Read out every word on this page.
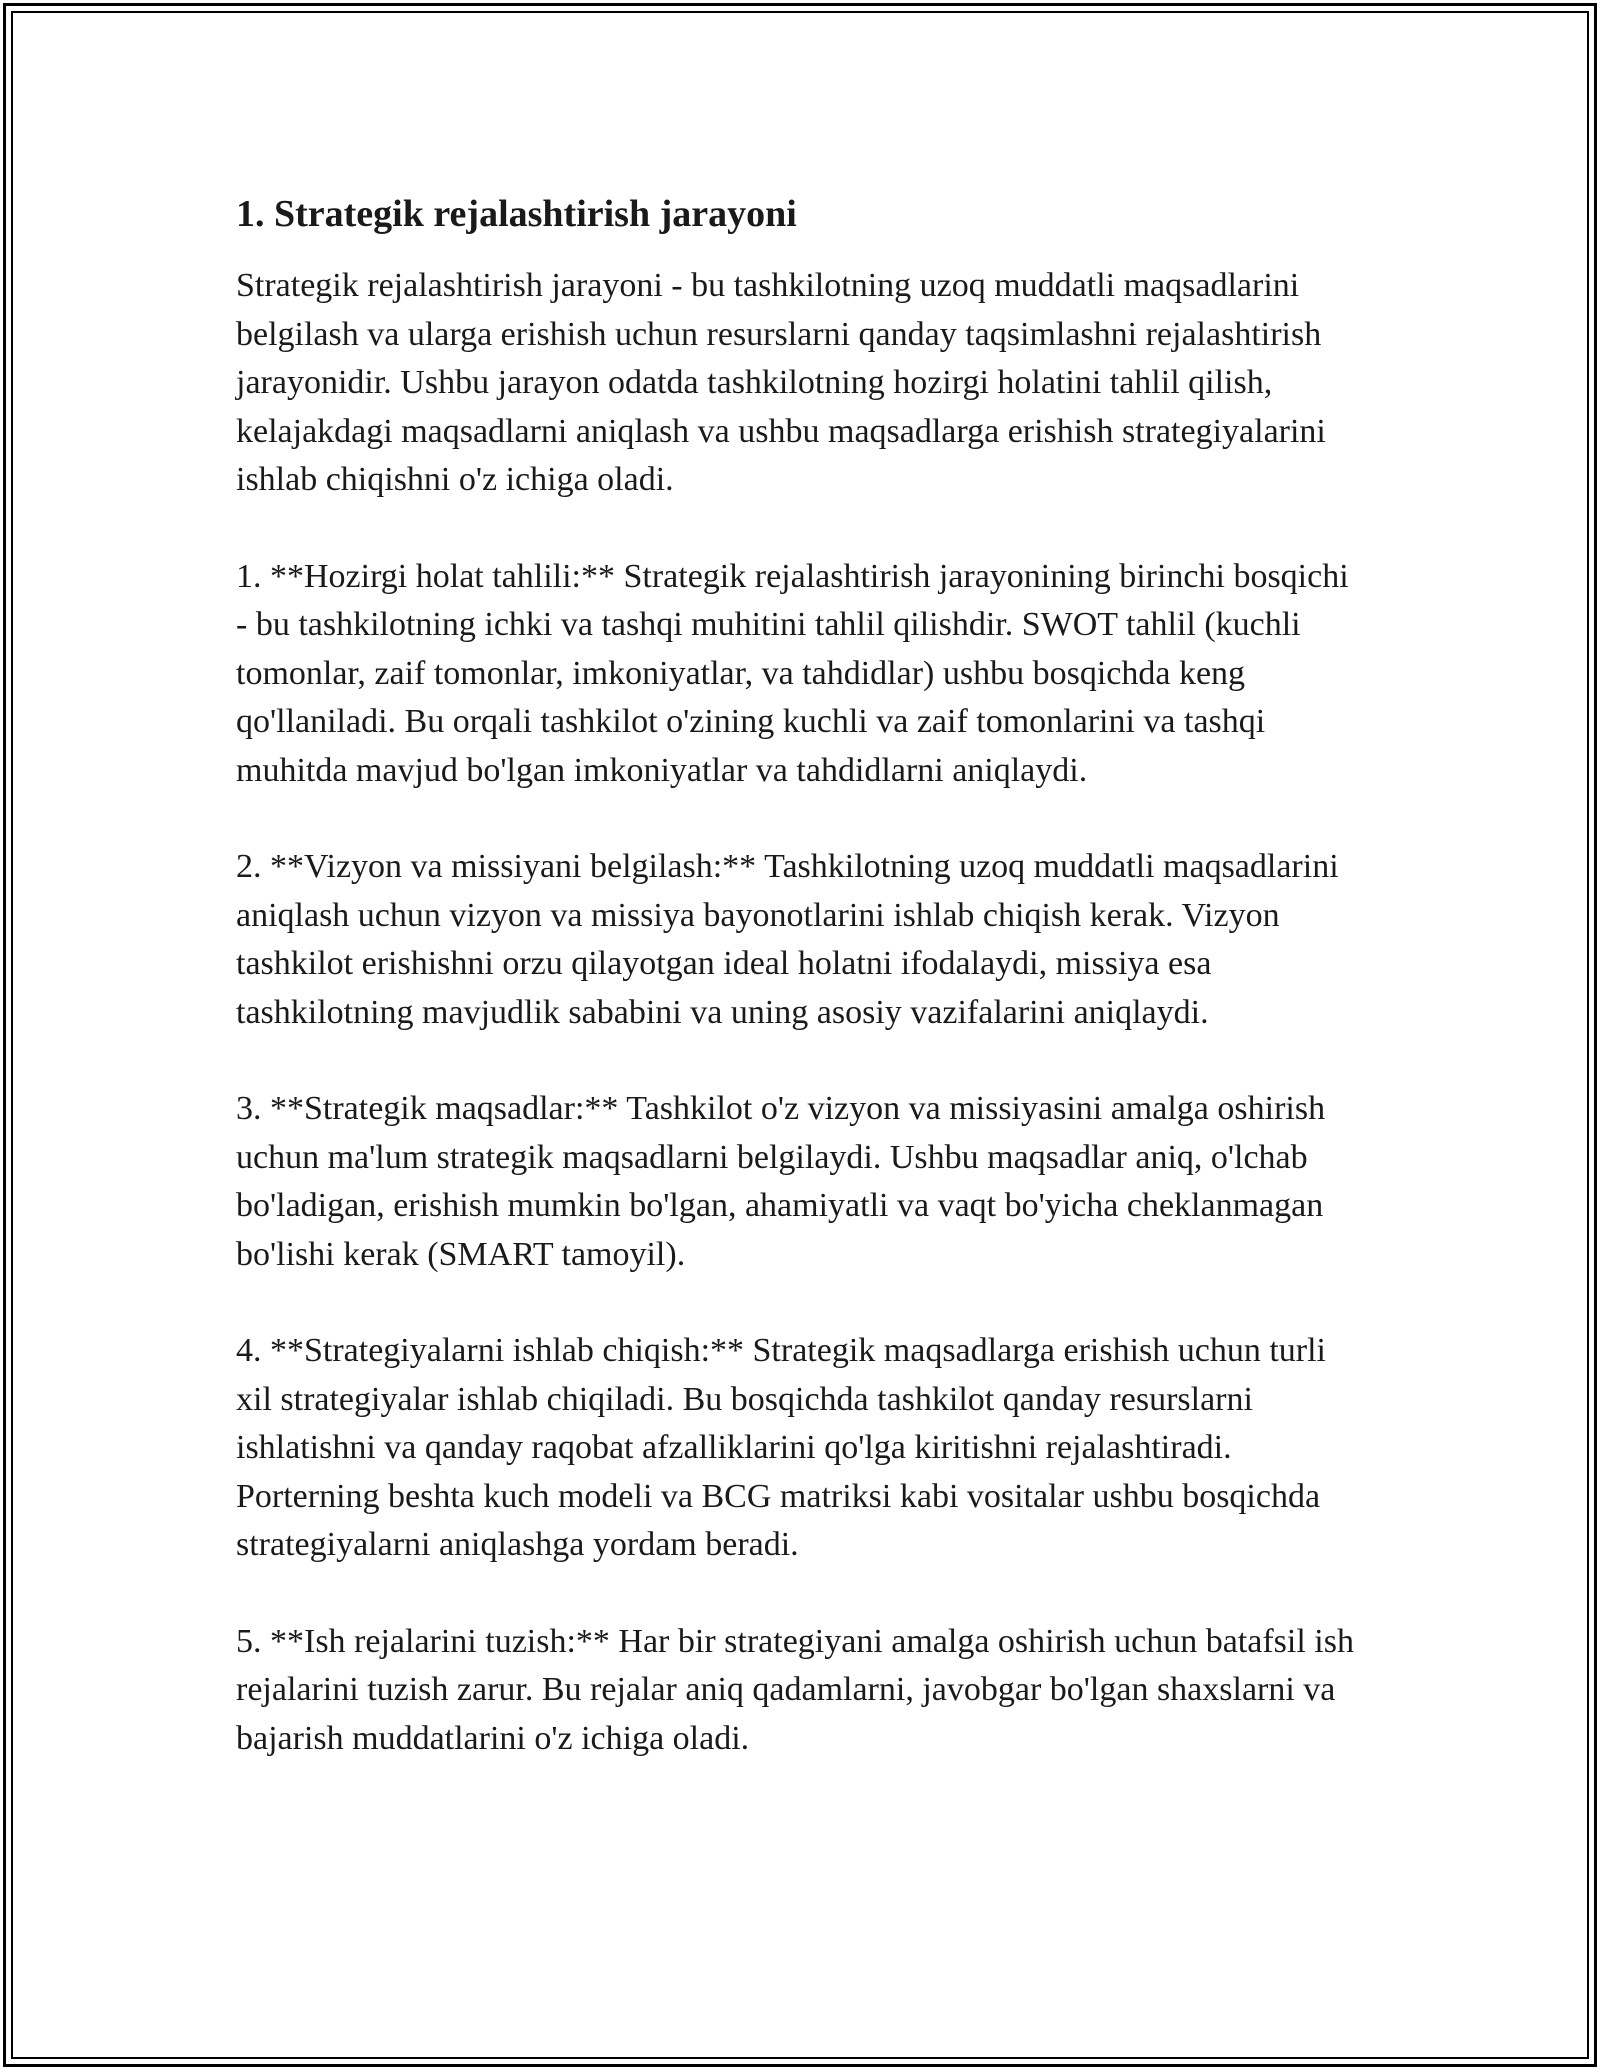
1. Strategik rejalashtirish jarayoni

Strategik rejalashtirish jarayoni - bu tashkilotning uzoq muddatli maqsadlarini belgilash va ularga erishish uchun resurslarni qanday taqsimlashni rejalashtirish jarayonidir. Ushbu jarayon odatda tashkilotning hozirgi holatini tahlil qilish, kelajakdagi maqsadlarni aniqlash va ushbu maqsadlarga erishish strategiyalarini ishlab chiqishni o'z ichiga oladi.

1. **Hozirgi holat tahlili:** Strategik rejalashtirish jarayonining birinchi bosqichi - bu tashkilotning ichki va tashqi muhitini tahlil qilishdir. SWOT tahlil (kuchli tomonlar, zaif tomonlar, imkoniyatlar, va tahdidlar) ushbu bosqichda keng qo'llaniladi. Bu orqali tashkilot o'zining kuchli va zaif tomonlarini va tashqi muhitda mavjud bo'lgan imkoniyatlar va tahdidlarni aniqlaydi.

2. **Vizyon va missiyani belgilash:** Tashkilotning uzoq muddatli maqsadlarini aniqlash uchun vizyon va missiya bayonotlarini ishlab chiqish kerak. Vizyon tashkilot erishishni orzu qilayotgan ideal holatni ifodalaydi, missiya esa tashkilotning mavjudlik sababini va uning asosiy vazifalarini aniqlaydi.

3. **Strategik maqsadlar:** Tashkilot o'z vizyon va missiyasini amalga oshirish uchun ma'lum strategik maqsadlarni belgilaydi. Ushbu maqsadlar aniq, o'lchab bo'ladigan, erishish mumkin bo'lgan, ahamiyatli va vaqt bo'yicha cheklanmagan bo'lishi kerak (SMART tamoyil).

4. **Strategiyalarni ishlab chiqish:** Strategik maqsadlarga erishish uchun turli xil strategiyalar ishlab chiqiladi. Bu bosqichda tashkilot qanday resurslarni ishlatishni va qanday raqobat afzalliklarini qo'lga kiritishni rejalashtiradi. Porterning beshta kuch modeli va BCG matriksi kabi vositalar ushbu bosqichda strategiyalarni aniqlashga yordam beradi.

5. **Ish rejalarini tuzish:** Har bir strategiyani amalga oshirish uchun batafsil ish rejalarini tuzish zarur. Bu rejalar aniq qadamlarni, javobgar bo'lgan shaxslarni va bajarish muddatlarini o'z ichiga oladi.
